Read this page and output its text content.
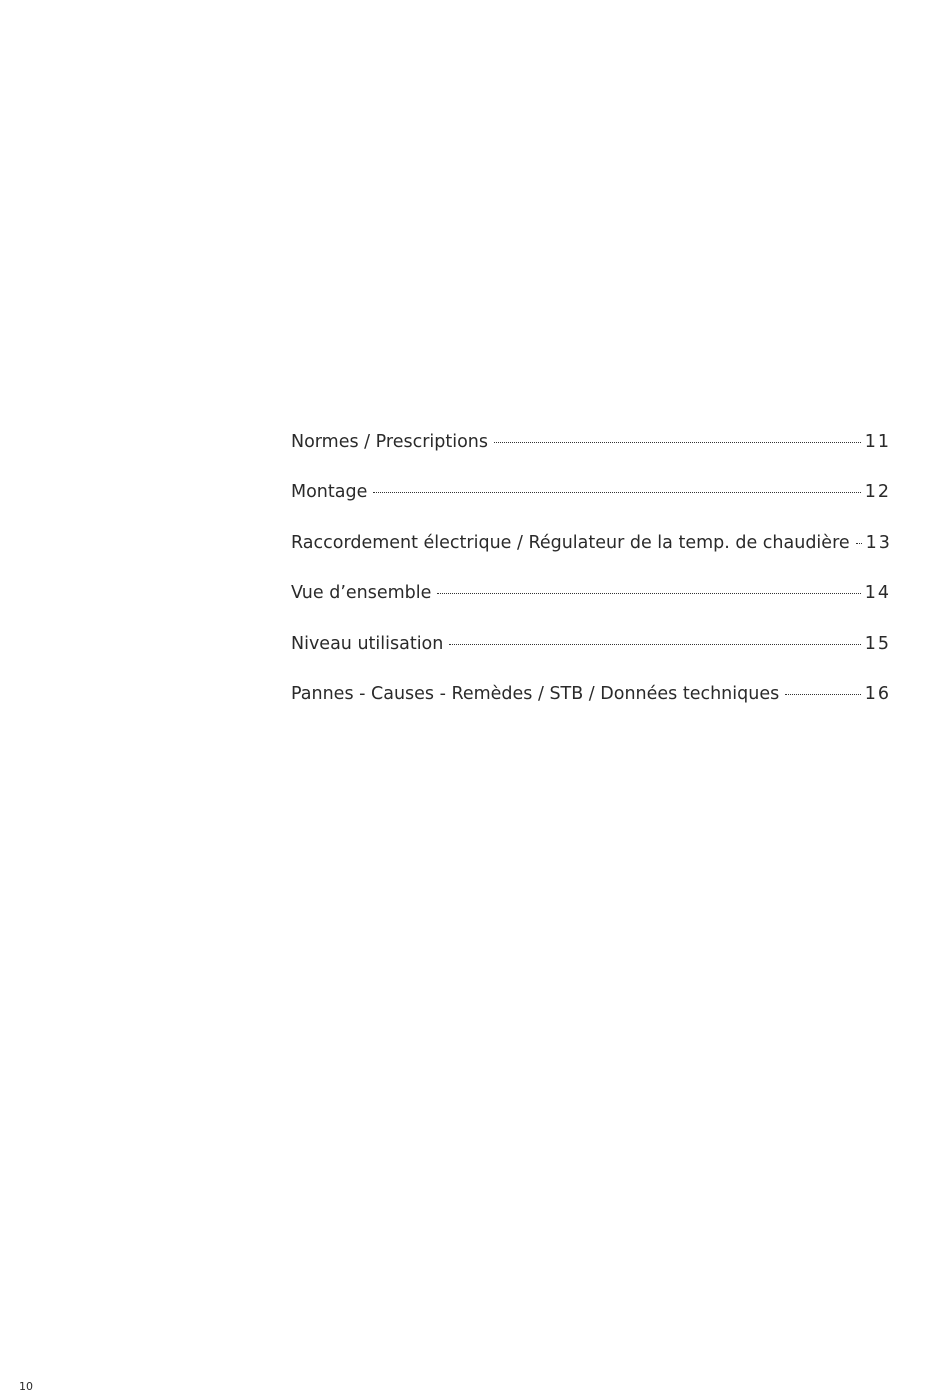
Normes / Prescriptions	11
Montage	12
Raccordement électrique / Régulateur de la temp. de chaudière 13
Vue d’ensemble	14
Niveau utilisation	15
Pannes - Causes - Remèdes / STB / Données techniques	16
10
